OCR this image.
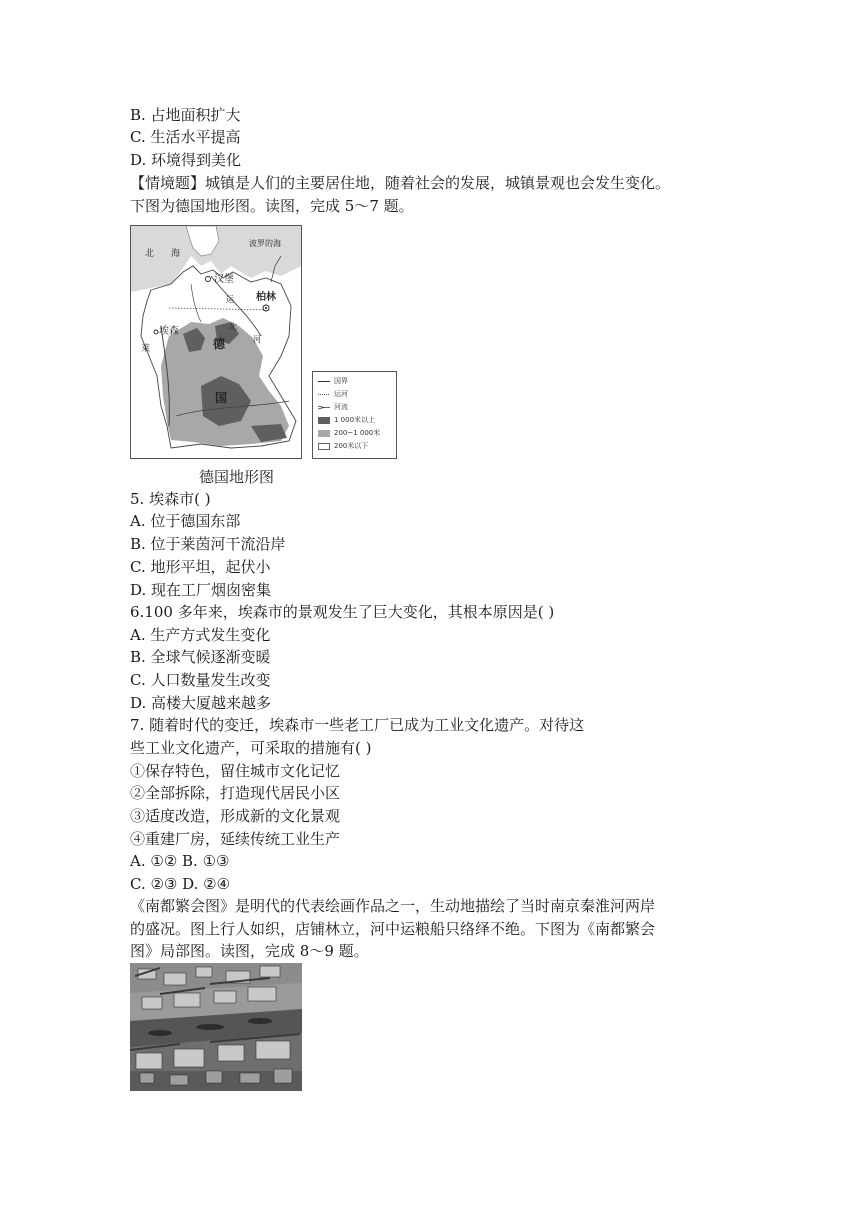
B. 占地面积扩大
C. 生活水平提高
D. 环境得到美化
【情境题】城镇是人们的主要居住地，随着社会的发展，城镇景观也会发生变化。
下图为德国地形图。读图，完成 5～7 题。
北 海
波罗的海
汉堡
柏林
埃森
莱	德
国
运
北
河
国界
运河
河流
1 000米以上
200~1 000米
200米以下
德国地形图
5. 埃森市( )
A. 位于德国东部
B. 位于莱茵河干流沿岸
C. 地形平坦，起伏小
D. 现在工厂烟囱密集
6.100 多年来，埃森市的景观发生了巨大变化，其根本原因是( )
A. 生产方式发生变化
B. 全球气候逐渐变暖
C. 人口数量发生改变
D. 高楼大厦越来越多
7. 随着时代的变迁，埃森市一些老工厂已成为工业文化遗产。对待这
些工业文化遗产，可采取的措施有( )
①保存特色，留住城市文化记忆
②全部拆除，打造现代居民小区
③适度改造，形成新的文化景观
④重建厂房，延续传统工业生产
A. ①② B. ①③
C. ②③ D. ②④
《南都繁会图》是明代的代表绘画作品之一，生动地描绘了当时南京秦淮河两岸
的盛况。图上行人如织，店铺林立，河中运粮船只络绎不绝。下图为《南都繁会
图》局部图。读图，完成 8～9 题。
